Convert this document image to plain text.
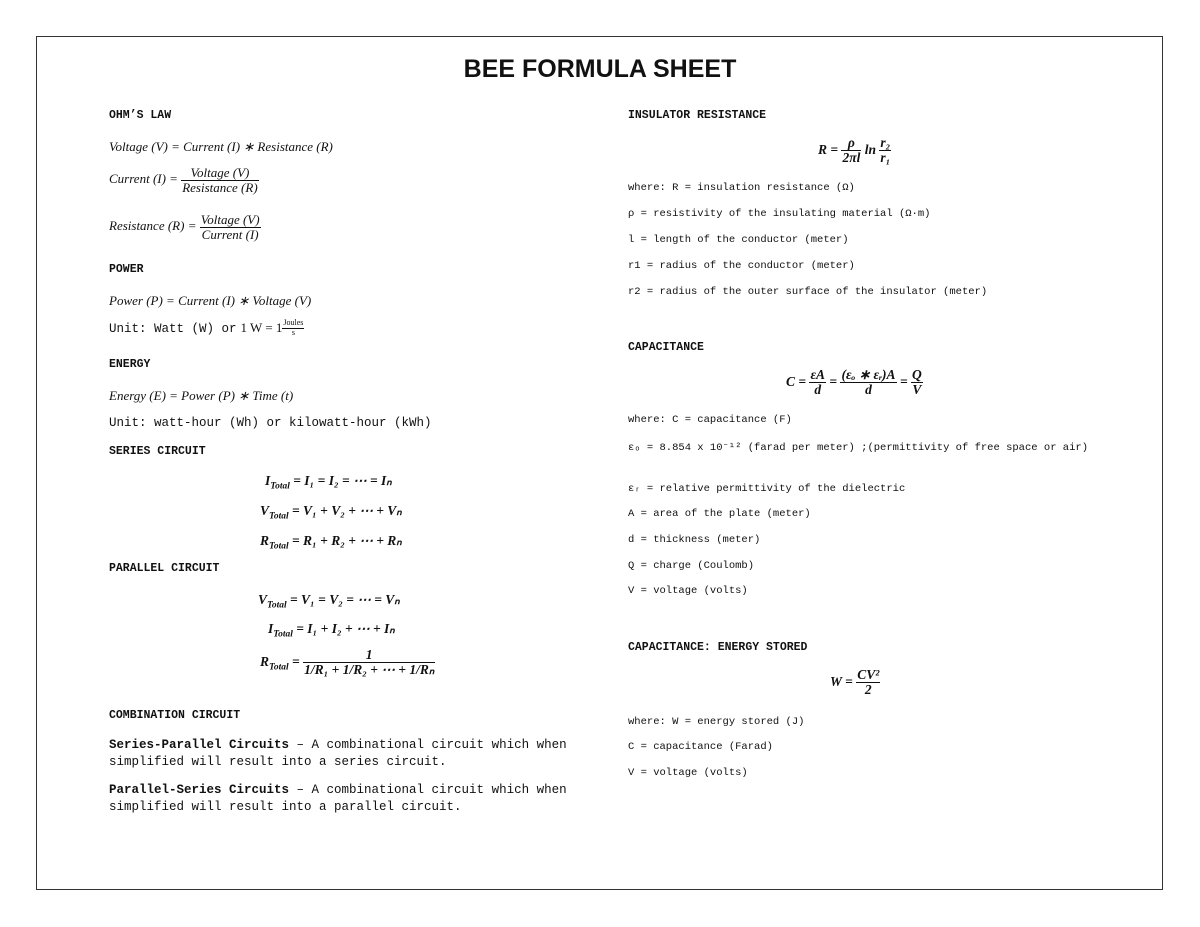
BEE FORMULA SHEET
OHM’S LAW
Voltage (V) = Current (I) ∗ Resistance (R)
Current $(I) = \frac{\text{Voltage (V)}}{\text{Resistance (R)}}$
Resistance $(R) = \frac{\text{Voltage (V)}}{\text{Current (I)}}$
POWER
Power (P) = Current (I) ∗ Voltage (V)
Unit: Watt (W) or 1 $W = 1 \frac{\text{Joules}}{s}$
ENERGY
Energy (E) = Power (P) ∗ Time (t)
Unit: watt-hour (Wh) or kilowatt-hour (kWh)
SERIES CIRCUIT
$I_{Total} = I_1 = I_2$ = ⋯ = Iₙ
$V_{Total} = V_1 + V_2$ + ⋯ + Vₙ
$R_{Total} = R_1 + R_2$ + ⋯ + Rₙ
PARALLEL CIRCUIT
$V_{Total} = V_1 = V_2$ = ⋯ = Vₙ
$I_{Total} = I_1 + I_2$ + ⋯ + Iₙ
$R_{Total} = \frac{1}{\text{1/R₁ + 1/R₂ + ⋯ + 1/Rₙ}}$
COMBINATION CIRCUIT
Series-Parallel Circuits – A combinational circuit which when simplified will result into a series circuit.
Parallel-Series Circuits – A combinational circuit which when simplified will result into a parallel circuit.
INSULATOR RESISTANCE
$R = \frac{\rho}{2\pi l}$ $\ln \frac{\text{r₂}}{\text{r₁}}$
where: R = insulation resistance (Ω)
ρ = resistivity of the insulating material (Ω·m)
l = length of the conductor (meter)
r1 = radius of the conductor (meter)
r2 = radius of the outer surface of the insulator (meter)
CAPACITANCE
$C = \frac{\varepsilon A}{d} = \frac{\text{(εₒ ∗ εᵣ)A}}{d} = \frac{Q}{V}$
where: C = capacitance (F)
εₒ = 8.854 x 10⁻¹² (farad per meter) ;(permittivity of free space or air)
εᵣ = relative permittivity of the dielectric
A = area of the plate (meter)
d = thickness (meter)
Q = charge (Coulomb)
V = voltage (volts)
CAPACITANCE: ENERGY STORED
$W = \frac{\text{CV²}}{2}$
where: W = energy stored (J)
C = capacitance (Farad)
V = voltage (volts)
